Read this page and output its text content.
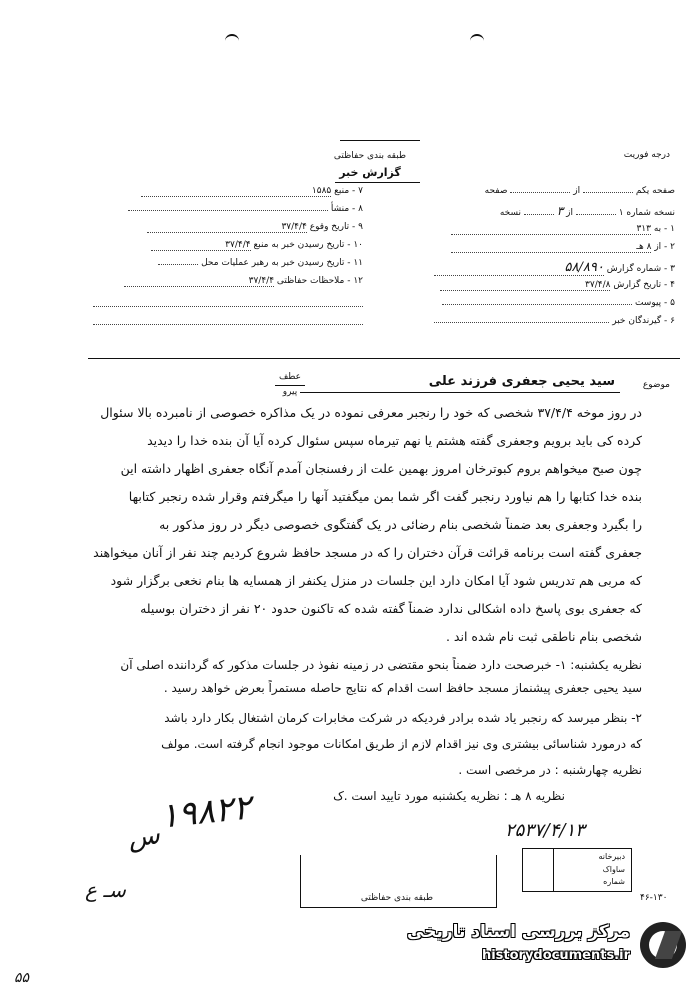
درجه فوریت
طبقه بندی حفاظتی
گزارش خبر
صفحه یکم  از  صفحه
نسخه شماره ۱  از ۳  نسخه
۱ - به ۳۱۳
۲ - از ۸ هـ
۳ - شماره گزارش ۵۸/۸۹۰
۴ - تاریخ گزارش ۳۷/۴/۸
۵ - پیوست
۶ - گیرندگان خبر
۷ - منبع ۱۵۸۵
۸ - منشأ
۹ - تاریخ وقوع ۳۷/۴/۴
۱۰ - تاریخ رسیدن خبر به منبع ۳۷/۴/۴
۱۱ - تاریخ رسیدن خبر به رهبر عملیات محل
۱۲ - ملاحظات حفاظتی ۳۷/۴/۴
موضوع
سید یحیی جعفری فرزند علی
عطف
پیرو
در روز موخه ۳۷/۴/۴ شخصی که خود را رنجبر معرفی نموده در یک مذاکره خصوصی از نامبرده بالا سئوال
کرده کی باید برویم وجعفری گفته هشتم یا نهم تیرماه سپس سئوال کرده آیا آن بنده خدا را دیدید
چون صبح میخواهم بروم کبوترخان امروز بهمین علت از رفسنجان آمدم آنگاه جعفری اظهار داشته این
بنده خدا کتابها را هم نیاورد رنجبر گفت اگر شما بمن میگفتید آنها را میگرفتم وقرار شده رنجبر کتابها
را بگیرد وجعفری بعد ضمناً شخصی بنام رضائی در یک گفتگوی خصوصی دیگر در روز مذکور به
جعفری گفته است برنامه قرائت قرآن دختران را که در مسجد حافظ شروع کردیم چند نفر از آنان میخواهند
که مربی هم تدریس شود آیا امکان دارد این جلسات در منزل یکنفر از همسایه ها بنام نخعی برگزار شود
که جعفری بوی پاسخ داده اشکالی ندارد ضمناً گفته شده که تاکنون حدود ۲۰ نفر از دختران بوسیله
شخصی بنام ناطقی ثبت نام شده اند .
نظریه یکشنبه: ۱- خبرصحت دارد ضمناً بنحو مقتضی در زمینه نفوذ در جلسات مذکور که گرداننده اصلی آن
سید یحیی جعفری پیشنماز مسجد حافظ است اقدام که نتایج حاصله مستمراً بعرض خواهد رسید .
۲- بنظر میرسد که رنجبر یاد شده برادر فردیکه در شرکت مخابرات کرمان اشتغال بکار دارد باشد
که درمورد شناسائی بیشتری وی نیز اقدام لازم از طریق امکانات موجود انجام گرفته است. مولف
نظریه چهارشنبه : در مرخصی است .
نظریه ۸ هـ : نظریه یکشنبه مورد تایید است .ک
۱۹۸۲۲
س
سـ ع
۲۵۳۷/۴/۱۳
دبیرخانه
ساواک
شماره
طبقه بندی حفاظتی	۴۶-۱۳۰
۵۵
مرکز بررسی اسناد تاریخی
historydocuments.ir
